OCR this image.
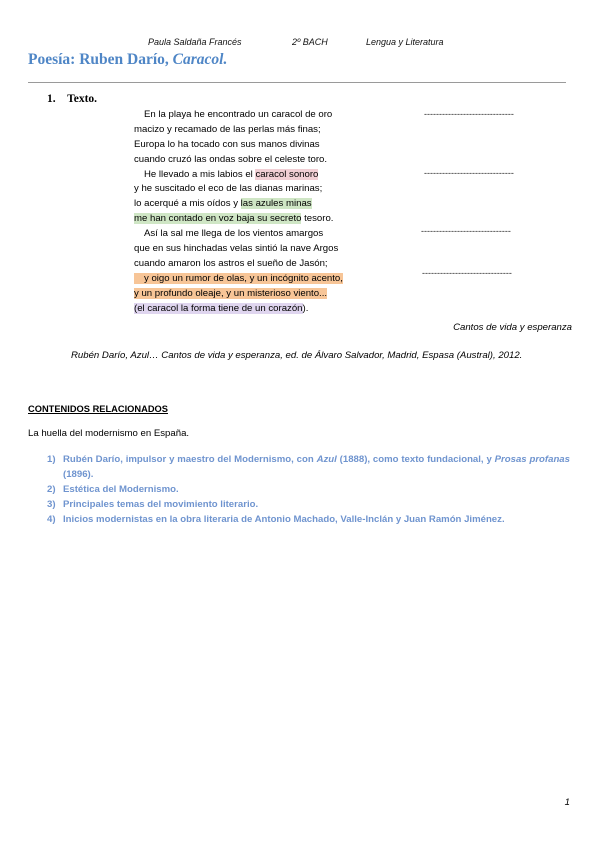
Paula Saldaña Francés	2º BACH	Lengua y Literatura
Poesía: Ruben Darío, Caracol.
1. Texto.
En la playa he encontrado un caracol de oro
macizo y recamado de las perlas más finas;
Europa lo ha tocado con sus manos divinas
cuando cruzó las ondas sobre el celeste toro.
He llevado a mis labios el caracol sonoro
y he suscitado el eco de las dianas marinas;
lo acerqué a mis oídos y las azules minas
me han contado en voz baja su secreto tesoro.
Así la sal me llega de los vientos amargos
que en sus hinchadas velas sintió la nave Argos
cuando amaron los astros el sueño de Jasón;
y oigo un rumor de olas, y un incógnito acento,
y un profundo oleaje, y un misterioso viento...
(el caracol la forma tiene de un corazón).
------------------------------
------------------------------
------------------------------
------------------------------
Cantos de vida y esperanza
Rubén Darío, Azul… Cantos de vida y esperanza, ed. de Álvaro Salvador, Madrid, Espasa (Austral), 2012.
CONTENIDOS RELACIONADOS
La huella del modernismo en España.
1) Rubén Darío, impulsor y maestro del Modernismo, con Azul (1888), como texto fundacional, y Prosas profanas (1896).
2) Estética del Modernismo.
3) Principales temas del movimiento literario.
4) Inicios modernistas en la obra literaria de Antonio Machado, Valle-Inclán y Juan Ramón Jiménez.
1
